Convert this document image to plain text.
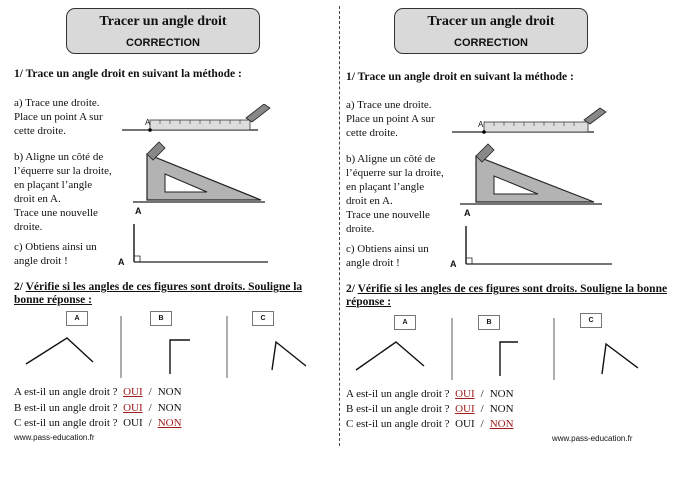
Tracer un angle droit
CORRECTION
1/ Trace un angle droit en suivant la méthode :
a) Trace une droite.
Place un point A sur
cette droite.
b) Aligne un côté de
l’équerre sur la droite,
en plaçant l’angle
droit en A.
Trace une nouvelle
droite.
c) Obtiens ainsi un
angle droit !
A
A
A
2/ Vérifie si les angles de ces figures sont droits. Souligne la bonne réponse :
A	B	C
A est-il un angle droit ? OUI / NON
B est-il un angle droit ? OUI / NON
C est-il un angle droit ? OUI / NON
www.pass-education.fr
Tracer un angle droit
CORRECTION
1/ Trace un angle droit en suivant la méthode :
a) Trace une droite.
Place un point A sur
cette droite.
b) Aligne un côté de
l’équerre sur la droite,
en plaçant l’angle
droit en A.
Trace une nouvelle
droite.
c) Obtiens ainsi un
angle droit !
A
A
A
2/ Vérifie si les angles de ces figures sont droits. Souligne la bonne réponse :
A	B	C
A est-il un angle droit ? OUI / NON
B est-il un angle droit ? OUI / NON
C est-il un angle droit ? OUI / NON
www.pass-education.fr
